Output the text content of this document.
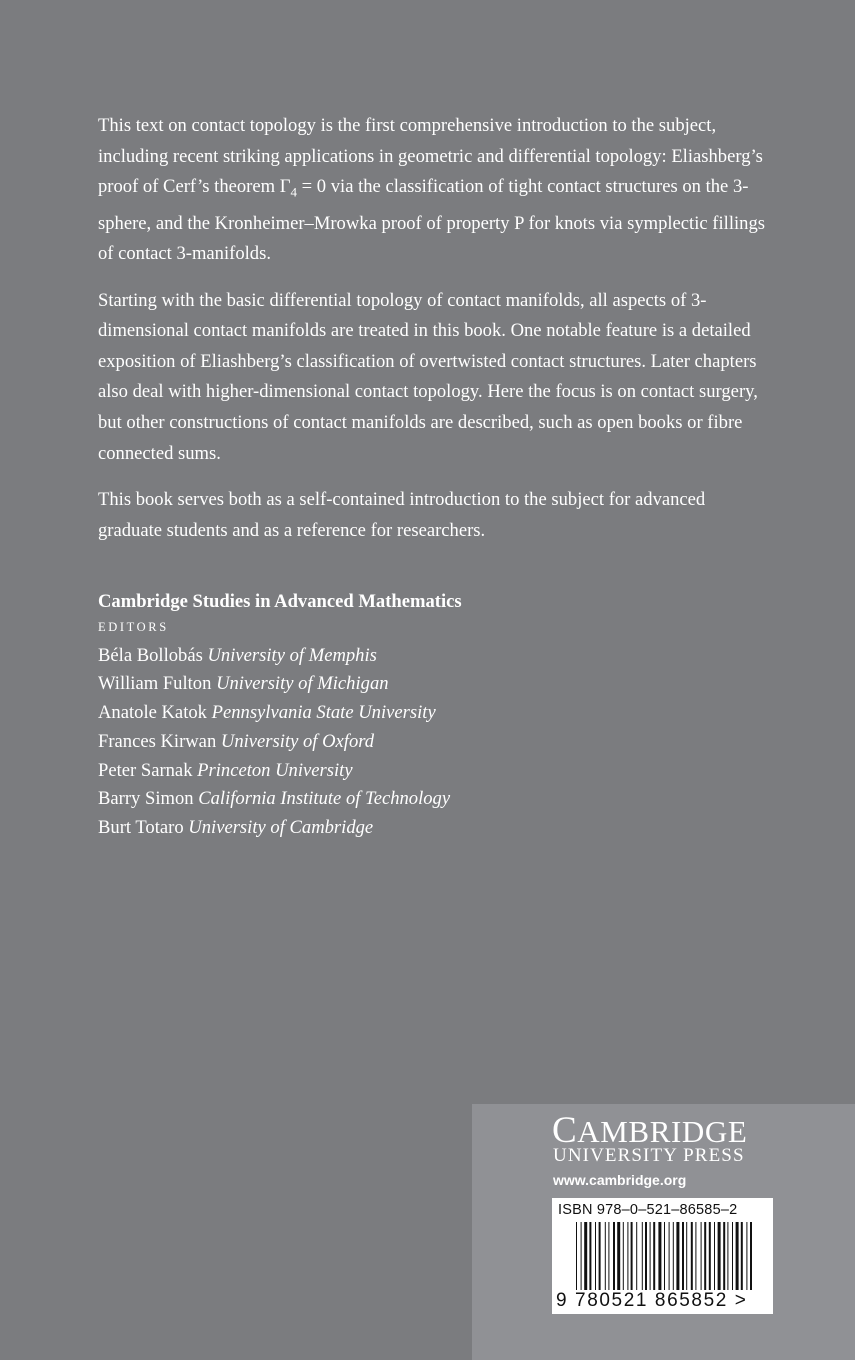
This text on contact topology is the first comprehensive introduction to the subject, including recent striking applications in geometric and differential topology: Eliashberg’s proof of Cerf’s theorem $\Gamma_4 = 0$ via the classification of tight contact structures on the 3-sphere, and the Kronheimer–Mrowka proof of property P for knots via symplectic fillings of contact 3-manifolds.

Starting with the basic differential topology of contact manifolds, all aspects of 3-dimensional contact manifolds are treated in this book. One notable feature is a detailed exposition of Eliashberg’s classification of overtwisted contact structures. Later chapters also deal with higher-dimensional contact topology. Here the focus is on contact surgery, but other constructions of contact manifolds are described, such as open books or fibre connected sums.

This book serves both as a self-contained introduction to the subject for advanced graduate students and as a reference for researchers.

Cambridge Studies in Advanced Mathematics
EDITORS
Béla Bollobás University of Memphis
William Fulton University of Michigan
Anatole Katok Pennsylvania State University
Frances Kirwan University of Oxford
Peter Sarnak Princeton University
Barry Simon California Institute of Technology
Burt Totaro University of Cambridge
CAMBRIDGE
UNIVERSITY PRESS
www.cambridge.org
ISBN 978–0–521–86585–2
9 780521 865852 >
